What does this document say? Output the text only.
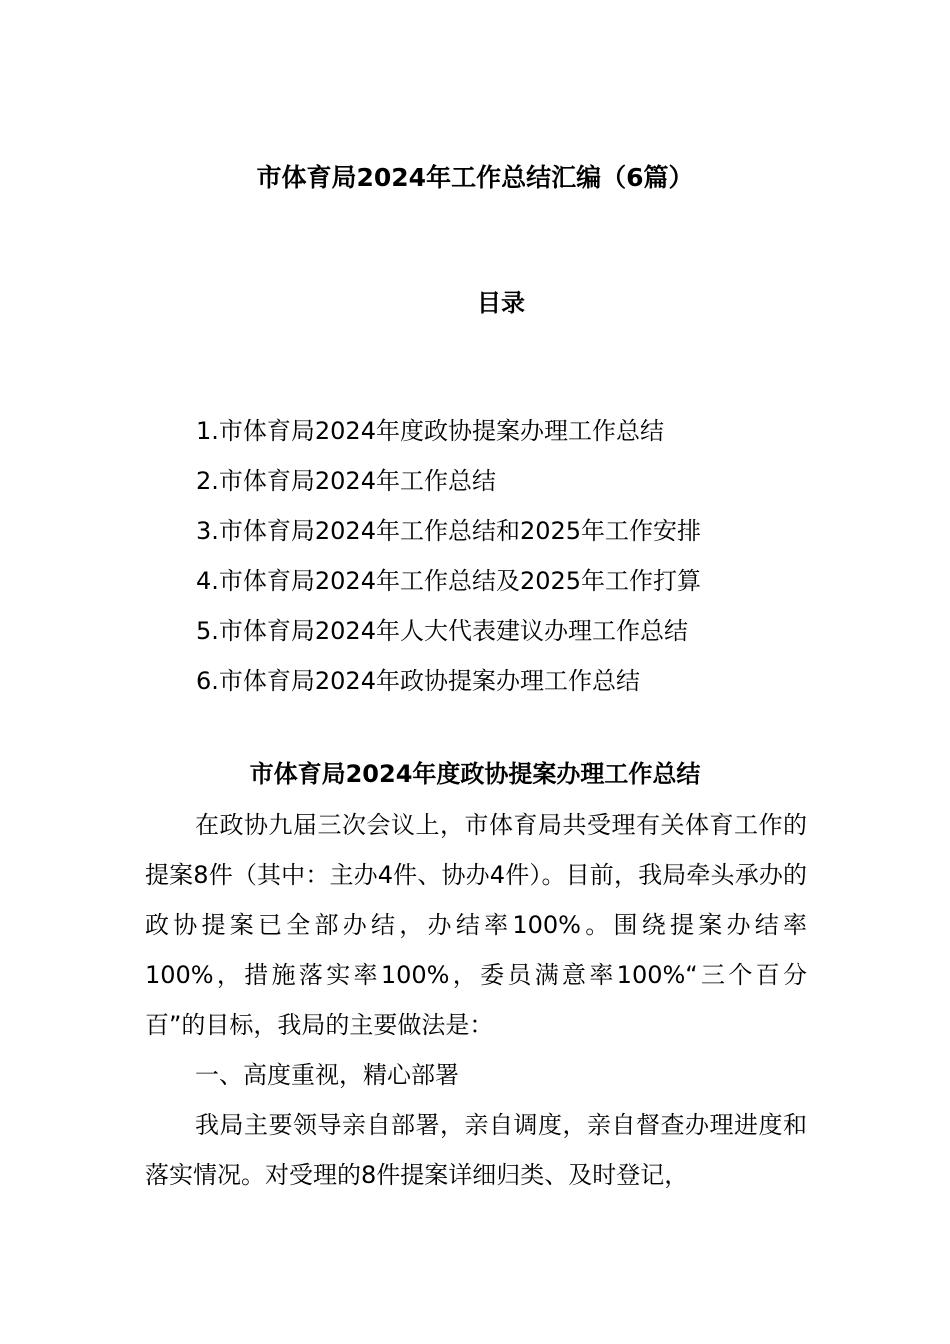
市体育局2024年工作总结汇编（6篇）
目录
1.市体育局2024年度政协提案办理工作总结
2.市体育局2024年工作总结
3.市体育局2024年工作总结和2025年工作安排
4.市体育局2024年工作总结及2025年工作打算
5.市体育局2024年人大代表建议办理工作总结
6.市体育局2024年政协提案办理工作总结
市体育局2024年度政协提案办理工作总结

在政协九届三次会议上，市体育局共受理有关体育工作的提案8件（其中：主办4件、协办4件）。目前，我局牵头承办的政协提案已全部办结，办结率100%。围绕提案办结率100%，措施落实率100%，委员满意率100%“三个百分百”的目标，我局的主要做法是：

一、高度重视，精心部署

我局主要领导亲自部署，亲自调度，亲自督查办理进度和落实情况。对受理的8件提案详细归类、及时登记，
